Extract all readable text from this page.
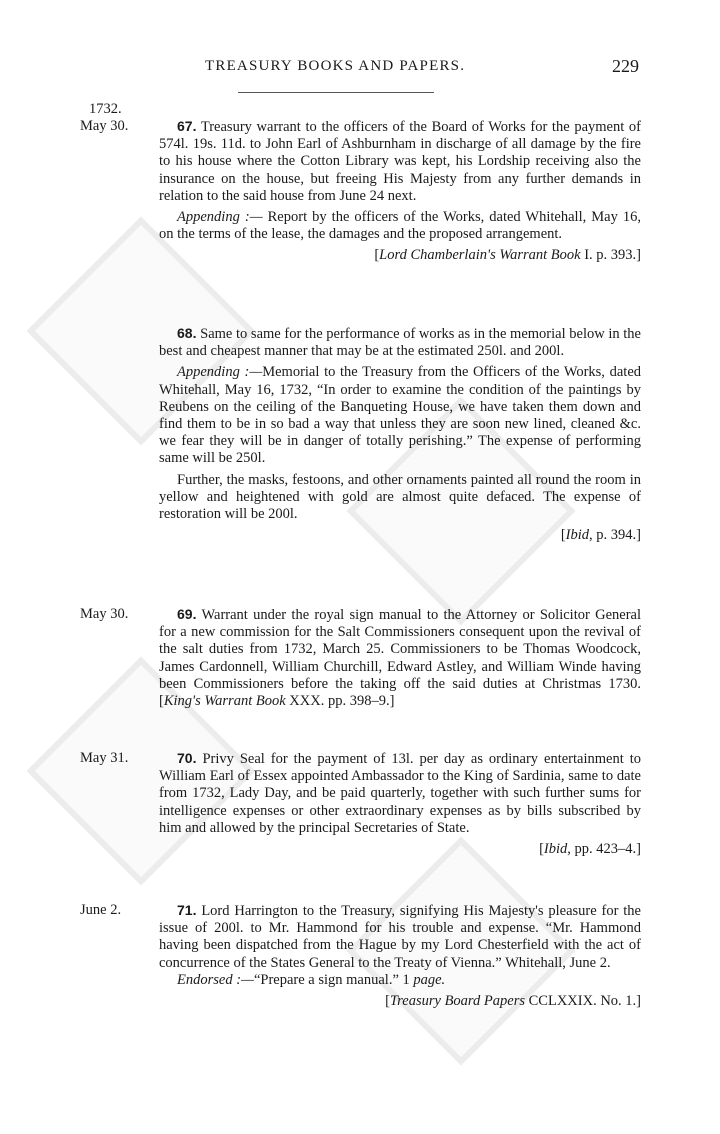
TREASURY BOOKS AND PAPERS.	229
1732.
May 30.	67. Treasury warrant to the officers of the Board of Works for the payment of 574l. 19s. 11d. to John Earl of Ashburnham in discharge of all damage by the fire to his house where the Cotton Library was kept, his Lordship receiving also the insurance on the house, but freeing His Majesty from any further demands in relation to the said house from June 24 next.

Appending :— Report by the officers of the Works, dated Whitehall, May 16, on the terms of the lease, the damages and the proposed arrangement.

[Lord Chamberlain's Warrant Book I. p. 393.]

68. Same to same for the performance of works as in the memorial below in the best and cheapest manner that may be at the estimated 250l. and 200l.

Appending :—Memorial to the Treasury from the Officers of the Works, dated Whitehall, May 16, 1732, “In order to examine the condition of the paintings by Reubens on the ceiling of the Banqueting House, we have taken them down and find them to be in so bad a way that unless they are soon new lined, cleaned &c. we fear they will be in danger of totally perishing.” The expense of performing same will be 250l.

Further, the masks, festoons, and other ornaments painted all round the room in yellow and heightened with gold are almost quite defaced. The expense of restoration will be 200l.

[Ibid, p. 394.]

May 30.	69. Warrant under the royal sign manual to the Attorney or Solicitor General for a new commission for the Salt Commissioners consequent upon the revival of the salt duties from 1732, March 25. Commissioners to be Thomas Woodcock, James Cardonnell, William Churchill, Edward Astley, and William Winde having been Commissioners before the taking off the said duties at Christmas 1730. [King's Warrant Book XXX. pp. 398–9.]

May 31.	70. Privy Seal for the payment of 13l. per day as ordinary entertainment to William Earl of Essex appointed Ambassador to the King of Sardinia, same to date from 1732, Lady Day, and be paid quarterly, together with such further sums for intelligence expenses or other extraordinary expenses as by bills subscribed by him and allowed by the principal Secretaries of State.

[Ibid, pp. 423–4.]

June 2.	71. Lord Harrington to the Treasury, signifying His Majesty's pleasure for the issue of 200l. to Mr. Hammond for his trouble and expense. “Mr. Hammond having been dispatched from the Hague by my Lord Chesterfield with the act of concurrence of the States General to the Treaty of Vienna.” Whitehall, June 2.

Endorsed :—“Prepare a sign manual.” 1 page.

[Treasury Board Papers CCLXXIX. No. 1.]
